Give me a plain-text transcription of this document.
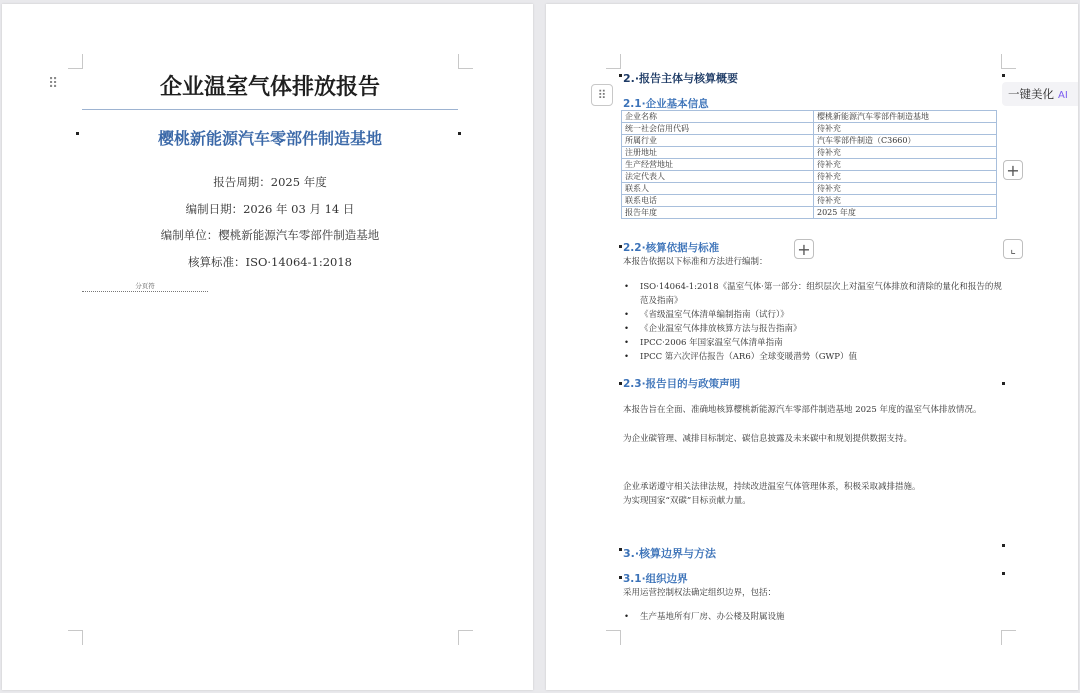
⠿	企业温室气体排放报告
樱桃新能源汽车零部件制造基地
报告周期：2025 年度
编制日期：2026 年 03 月 14 日
编制单位：樱桃新能源汽车零部件制造基地
核算标准：ISO·14064-1:2018
分页符
2.·报告主体与核算概要
⠿
2.1·企业基本信息
一键美化 AI
企业名称	樱桃新能源汽车零部件制造基地
统一社会信用代码	待补充
所属行业	汽车零部件制造（C3660）
注册地址	待补充
生产经营地址	待补充
法定代表人	待补充
联系人	待补充
联系电话	待补充
报告年度	2025 年度
+
+	⌞
2.2·核算依据与标准
本报告依据以下标准和方法进行编制：
• ISO·14064-1:2018《温室气体·第一部分：组织层次上对温室气体排放和清除的量化和报告的规范及指南》
• 《省级温室气体清单编制指南（试行）》
• 《企业温室气体排放核算方法与报告指南》
• IPCC·2006 年国家温室气体清单指南
• IPCC 第六次评估报告（AR6）全球变暖潜势（GWP）值
2.3·报告目的与政策声明
本报告旨在全面、准确地核算樱桃新能源汽车零部件制造基地 2025 年度的温室气体排放情况。
为企业碳管理、减排目标制定、碳信息披露及未来碳中和规划提供数据支持。
企业承诺遵守相关法律法规，持续改进温室气体管理体系，积极采取减排措施。
为实现国家“双碳”目标贡献力量。
3.·核算边界与方法
3.1·组织边界
采用运营控制权法确定组织边界，包括：
• 生产基地所有厂房、办公楼及附属设施
